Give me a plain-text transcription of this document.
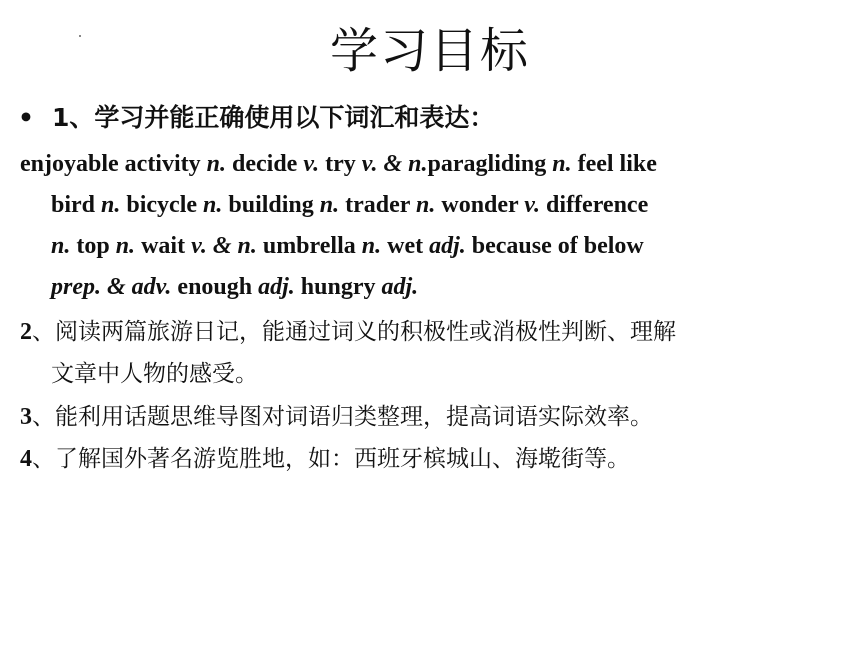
学习目标
• 1、学习并能正确使用以下词汇和表达：
enjoyable activity n. decide v. try v. & n.paragliding n. feel like
bird n. bicycle n. building n. trader n. wonder v. difference
n. top n. wait v. & n. umbrella n. wet adj. because of below
prep. & adv. enough adj. hungry adj.
2、阅读两篇旅游日记，能通过词义的积极性或消极性判断、理解
文章中人物的感受。
3、能利用话题思维导图对词语归类整理，提高词语实际效率。
4、了解国外著名游览胜地，如：西班牙槟城山、海墘街等。
